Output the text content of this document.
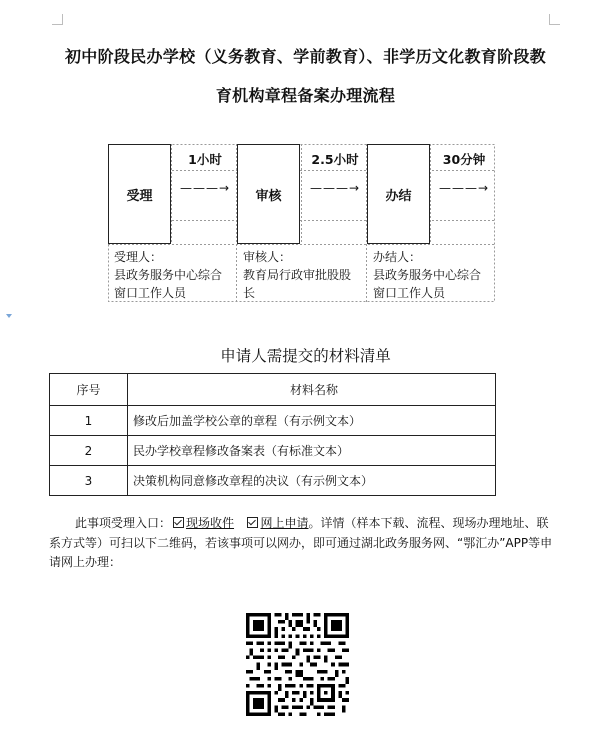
初中阶段民办学校（义务教育、学前教育）、非学历文化教育阶段教
育机构章程备案办理流程
受理	审核	办结
1小时	2.5小时	30分钟
———→	———→	———→
受理人：
县政务服务中心综合
窗口工作人员
审核人：
教育局行政审批股股
长
办结人：
县政务服务中心综合
窗口工作人员
申请人需提交的材料清单
序号	材料名称
1	修改后加盖学校公章的章程（有示例文本）
2	民办学校章程修改备案表（有标准文本）
3	决策机构同意修改章程的决议（有示例文本）
此事项受理入口： 现场收件 网上申请。详情（样本下载、流程、现场办理地址、联系方式等）可扫以下二维码，若该事项可以网办，即可通过湖北政务服务网、“鄂汇办”APP等申请网上办理：
